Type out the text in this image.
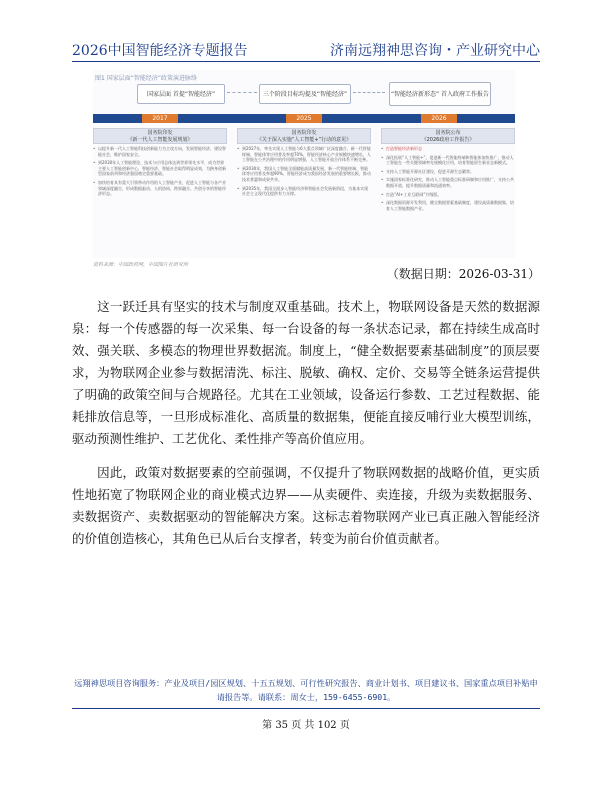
2026中国智能经济专题报告	济南远翔神思咨询・产业研究中心
图1 国家层面“智能经济”政策演进脉络
国家层面 首提“智能经济”	三个阶段目标均提及“智能经济”	“智能经济新形态” 首入政府工作报告
2017	2025	2026
国务院印发
《新一代人工智能发展规划》

• 以提升新一代人工智能科技创新能力为主攻方向，发展智能经济，建设智能社会，维护国家安全。

• 到2030年人工智能理论、技术与应用总体达到世界领先水平，成为世界主要人工智能创新中心，智能经济、智能社会取得明显成效，为跻身创新型国家前列和经济强国奠定重要基础。

• 加快培育具有重大引领带动作用的人工智能产业，促进人工智能与各产业领域深度融合，形成数据驱动、人机协同、跨界融合、共创分享的智能经济形态。

国务院印发
《关于深入实施“人工智能+”行动的意见》

• 到2027年，率先实现人工智能与6大重点领域广泛深度融合，新一代智能终端、智能体等应用普及率超70%，智能经济核心产业规模快速增长，人工智能在公共治理中的作用明显增强，人工智能开放合作体系不断完善。

• 到2030年，我国人工智能全面赋能高质量发展，新一代智能终端、智能体等应用普及率超90%，智能经济成为我国经济发展的重要增长极，推动技术普惠和成果共享。

• 到2035年，我国全面步入智能经济和智能社会发展新阶段，为基本实现社会主义现代化提供有力支撑。

国务院公布
《2026政府工作报告》

• 打造智能经济新形态

• 深化拓展“人工智能+”，促进新一代智能终端和智能体加快推广，推动人工智能在一些关键领域率先规模化应用，培育智能原生新业态新模式。

• 支持人工智能开源社区建设，促进开源生态繁荣。

• 实施国家标准化研究，推动人工智能重点标准研制和应用推广，支持公共数据开放，提升数据质量和流通效率。

• 打造“AI+工业互联网”升级版。

• 深化数据资源开发利用，健全数据要素基础制度，建设高质量数据集，培育人工智能数据产业。

资料来源：中国政府网，中国图片社研究所
（数据日期：2026-03-31）
这一跃迁具有坚实的技术与制度双重基础。技术上，物联网设备是天然的数据源泉：每一个传感器的每一次采集、每一台设备的每一条状态记录，都在持续生成高时效、强关联、多模态的物理世界数据流。制度上，“健全数据要素基础制度”的顶层要求，为物联网企业参与数据清洗、标注、脱敏、确权、定价、交易等全链条运营提供了明确的政策空间与合规路径。尤其在工业领域，设备运行参数、工艺过程数据、能耗排放信息等，一旦形成标准化、高质量的数据集，便能直接反哺行业大模型训练，驱动预测性维护、工艺优化、柔性排产等高价值应用。
因此，政策对数据要素的空前强调，不仅提升了物联网数据的战略价值，更实质性地拓宽了物联网企业的商业模式边界——从卖硬件、卖连接，升级为卖数据服务、卖数据资产、卖数据驱动的智能解决方案。这标志着物联网产业已真正融入智能经济的价值创造核心，其角色已从后台支撑者，转变为前台价值贡献者。
远翔神思项目咨询服务：产业及项目/园区规划、十五五规划、可行性研究报告、商业计划书、项目建议书、国家重点项目补贴申请报告等。请联系：周女士，159-6455-6901。
第 35 页 共 102 页
